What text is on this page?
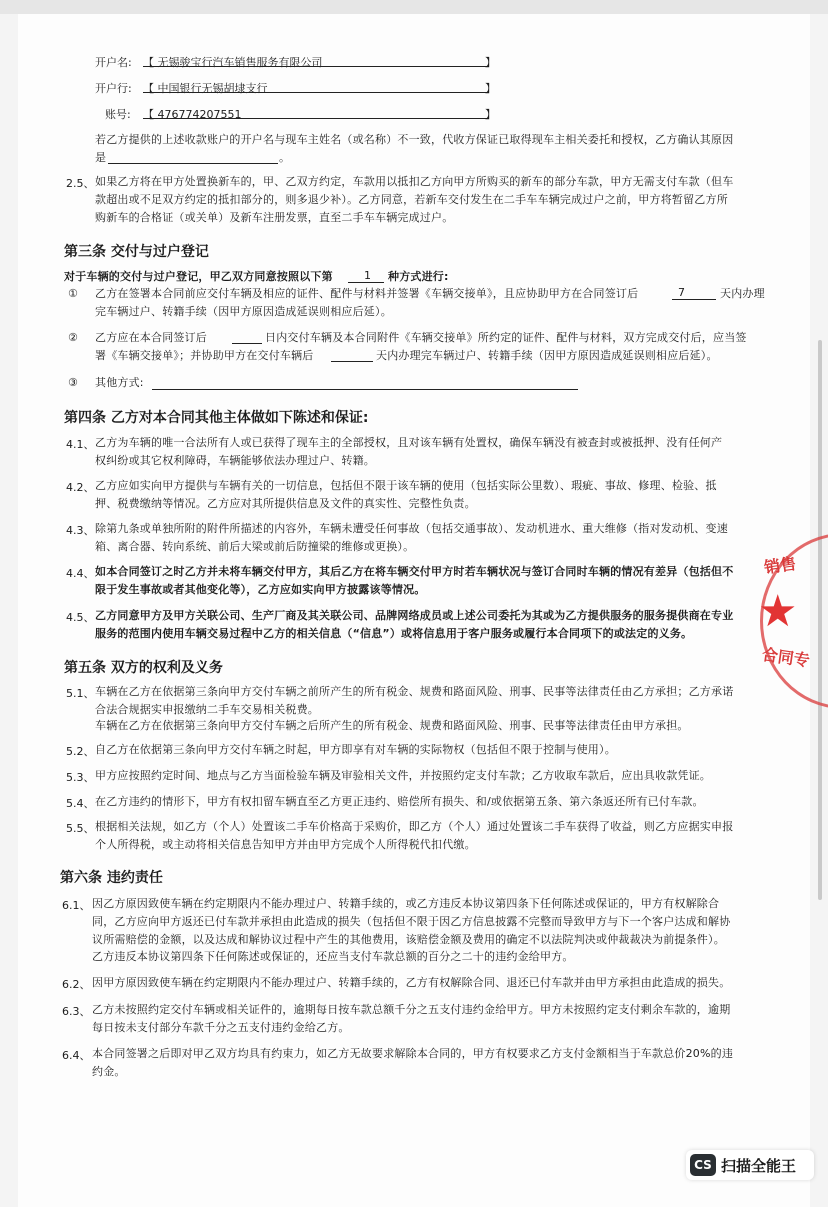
开户名: 【 无锡骏宝行汽车销售服务有限公司	】
开户行: 【 中国银行无锡胡埭支行	】
账号: 【 476774207551	】
若乙方提供的上述收款账户的开户名与现车主姓名（或名称）不一致，代收方保证已取得现车主相关委托和授权，乙方确认其原因
是	。
2.5、 如果乙方将在甲方处置换新车的，甲、乙双方约定，车款用以抵扣乙方向甲方所购买的新车的部分车款，甲方无需支付车款（但车
款超出或不足双方约定的抵扣部分的，则多退少补）。乙方同意，若新车交付发生在二手车车辆完成过户之前，甲方将暂留乙方所
购新车的合格证（或关单）及新车注册发票，直至二手车车辆完成过户。
第三条 交付与过户登记
对于车辆的交付与过户登记，甲乙双方同意按照以下第	1 种方式进行:
① 乙方在签署本合同前应交付车辆及相应的证件、配件与材料并签署《车辆交接单》，且应协助甲方在合同签订后	7	天内办理
完车辆过户、转籍手续（因甲方原因造成延误则相应后延）。
② 乙方应在本合同签订后	日内交付车辆及本合同附件《车辆交接单》所约定的证件、配件与材料，双方完成交付后，应当签
署《车辆交接单》；并协助甲方在交付车辆后	天内办理完车辆过户、转籍手续（因甲方原因造成延误则相应后延）。
③ 其他方式:
第四条 乙方对本合同其他主体做如下陈述和保证:
4.1、 乙方为车辆的唯一合法所有人或已获得了现车主的全部授权，且对该车辆有处置权，确保车辆没有被查封或被抵押、没有任何产
权纠纷或其它权利障碍，车辆能够依法办理过户、转籍。
4.2、 乙方应如实向甲方提供与车辆有关的一切信息，包括但不限于该车辆的使用（包括实际公里数）、瑕疵、事故、修理、检验、抵
押、税费缴纳等情况。乙方应对其所提供信息及文件的真实性、完整性负责。
4.3、 除第九条或单独所附的附件所描述的内容外，车辆未遭受任何事故（包括交通事故）、发动机进水、重大维修（指对发动机、变速
箱、离合器、转向系统、前后大梁或前后防撞梁的维修或更换）。
4.4、 如本合同签订之时乙方并未将车辆交付甲方，其后乙方在将车辆交付甲方时若车辆状况与签订合同时车辆的情况有差异（包括但不
限于发生事故或者其他变化等），乙方应如实向甲方披露该等情况。
4.5、 乙方同意甲方及甲方关联公司、生产厂商及其关联公司、品牌网络成员或上述公司委托为其或为乙方提供服务的服务提供商在专业
服务的范围内使用车辆交易过程中乙方的相关信息（“信息”）或将信息用于客户服务或履行本合同项下的或法定的义务。
第五条 双方的权利及义务
5.1、 车辆在乙方在依据第三条向甲方交付车辆之前所产生的所有税金、规费和路面风险、刑事、民事等法律责任由乙方承担；乙方承诺
合法合规据实申报缴纳二手车交易相关税费。
车辆在乙方在依据第三条向甲方交付车辆之后所产生的所有税金、规费和路面风险、刑事、民事等法律责任由甲方承担。
5.2、 自乙方在依据第三条向甲方交付车辆之时起，甲方即享有对车辆的实际物权（包括但不限于控制与使用）。
5.3、 甲方应按照约定时间、地点与乙方当面检验车辆及审验相关文件，并按照约定支付车款；乙方收取车款后，应出具收款凭证。
5.4、 在乙方违约的情形下，甲方有权扣留车辆直至乙方更正违约、赔偿所有损失、和/或依据第五条、第六条返还所有已付车款。
5.5、 根据相关法规，如乙方（个人）处置该二手车价格高于采购价，即乙方（个人）通过处置该二手车获得了收益，则乙方应据实申报
个人所得税，或主动将相关信息告知甲方并由甲方完成个人所得税代扣代缴。
第六条 违约责任
6.1、 因乙方原因致使车辆在约定期限内不能办理过户、转籍手续的，或乙方违反本协议第四条下任何陈述或保证的，甲方有权解除合
同，乙方应向甲方返还已付车款并承担由此造成的损失（包括但不限于因乙方信息披露不完整而导致甲方与下一个客户达成和解协
议所需赔偿的金额，以及达成和解协议过程中产生的其他费用，该赔偿金额及费用的确定不以法院判决或仲裁裁决为前提条件）。
乙方违反本协议第四条下任何陈述或保证的，还应当支付车款总额的百分之二十的违约金给甲方。
6.2、 因甲方原因致使车辆在约定期限内不能办理过户、转籍手续的，乙方有权解除合同、退还已付车款并由甲方承担由此造成的损失。
6.3、 乙方未按照约定交付车辆或相关证件的，逾期每日按车款总额千分之五支付违约金给甲方。甲方未按照约定支付剩余车款的，逾期
每日按未支付部分车款千分之五支付违约金给乙方。
6.4、 本合同签署之后即对甲乙双方均具有约束力，如乙方无故要求解除本合同的，甲方有权要求乙方支付金额相当于车款总价20%的违
约金。
销售
★
合同专
CS 扫描全能王
